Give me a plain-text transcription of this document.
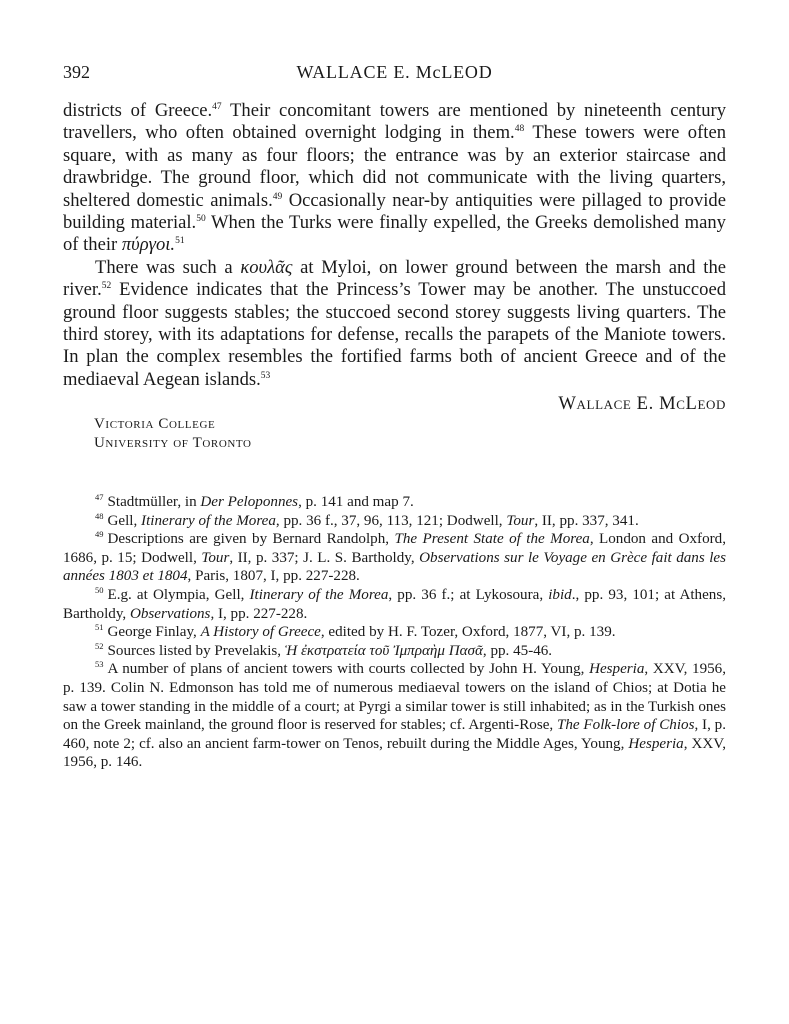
392	WALLACE E. McLEOD

districts of Greece.$^{47}$ Their concomitant towers are mentioned by nineteenth century travellers, who often obtained overnight lodging in them.$^{48}$ These towers were often square, with as many as four floors; the entrance was by an exterior staircase and drawbridge. The ground floor, which did not communicate with the living quarters, sheltered domestic animals.$^{49}$ Occasionally near-by antiquities were pillaged to provide building material.$^{50}$ When the Turks were finally expelled, the Greeks demolished many of their πύργοι.$^{51}$

There was such a κουλᾶς at Myloi, on lower ground between the marsh and the river.$^{52}$ Evidence indicates that the Princess’s Tower may be another. The unstuccoed ground floor suggests stables; the stuccoed second storey suggests living quarters. The third storey, with its adaptations for defense, recalls the parapets of the Maniote towers. In plan the complex resembles the fortified farms both of ancient Greece and of the mediaeval Aegean islands.$^{53}$

Wallace E. McLeod
Victoria College
University of Toronto

$^{47}$ Stadtmüller, in Der Peloponnes, p. 141 and map 7.

$^{48}$ Gell, Itinerary of the Morea, pp. 36 f., 37, 96, 113, 121; Dodwell, Tour, II, pp. 337, 341.

$^{49}$ Descriptions are given by Bernard Randolph, The Present State of the Morea, London and Oxford, 1686, p. 15; Dodwell, Tour, II, p. 337; J. L. S. Bartholdy, Observations sur le Voyage en Grèce fait dans les années 1803 et 1804, Paris, 1807, I, pp. 227-228.

$^{50}$ E.g. at Olympia, Gell, Itinerary of the Morea, pp. 36 f.; at Lykosoura, ibid., pp. 93, 101; at Athens, Bartholdy, Observations, I, pp. 227-228.

$^{51}$ George Finlay, A History of Greece, edited by H. F. Tozer, Oxford, 1877, VI, p. 139.

$^{52}$ Sources listed by Prevelakis, Ἡ ἐκστρατεία τοῦ Ἰμπραὴμ Πασᾶ, pp. 45-46.

$^{53}$ A number of plans of ancient towers with courts collected by John H. Young, Hesperia, XXV, 1956, p. 139. Colin N. Edmonson has told me of numerous mediaeval towers on the island of Chios; at Dotia he saw a tower standing in the middle of a court; at Pyrgi a similar tower is still inhabited; as in the Turkish ones on the Greek mainland, the ground floor is reserved for stables; cf. Argenti-Rose, The Folk-lore of Chios, I, p. 460, note 2; cf. also an ancient farm-tower on Tenos, rebuilt during the Middle Ages, Young, Hesperia, XXV, 1956, p. 146.
